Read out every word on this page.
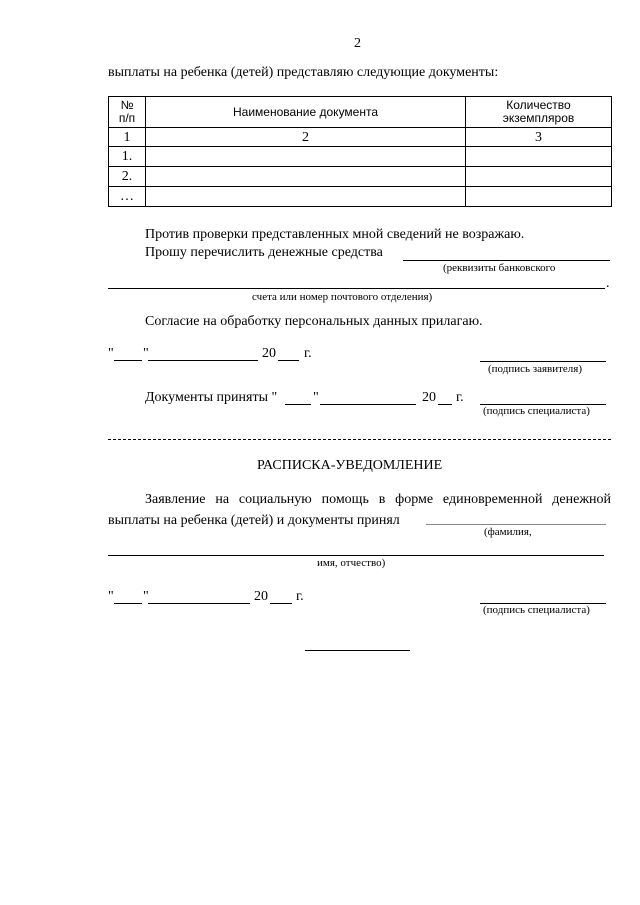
2
выплаты на ребенка (детей) представляю следующие документы:
№
п/п	Наименование документа	Количество
экземпляров
1	2	3
1.		
2.		
…		
Против проверки представленных мной сведений не возражаю.
Прошу перечислить денежные средства
(реквизиты банковского
.
счета или номер почтового отделения)
Согласие на обработку персональных данных прилагаю.
" "	20 г.
(подпись заявителя)
Документы приняты "	"	20 г.
(подпись специалиста)
РАСПИСКА-УВЕДОМЛЕНИЕ
Заявление на социальную помощь в форме единовременной денежной выплаты на ребенка (детей) и документы принял
(фамилия,
имя, отчество)
" "	20 г.
(подпись специалиста)
